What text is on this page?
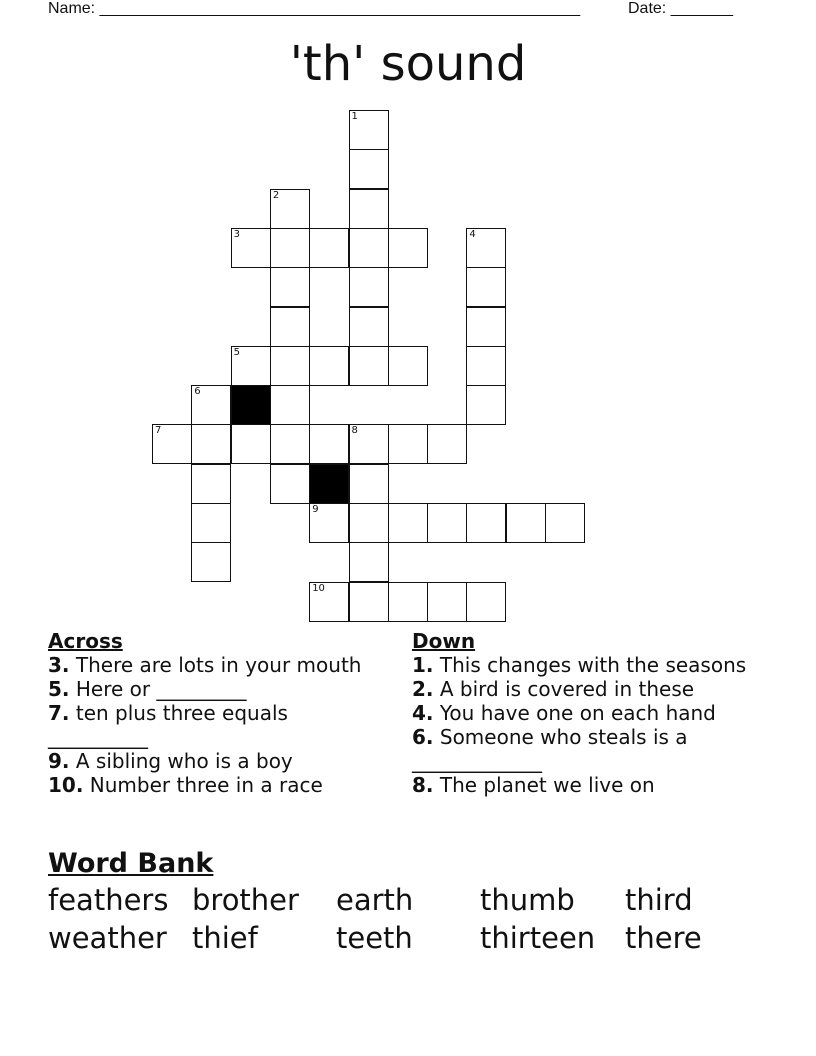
Name: ______________________________________________________	Date: _______
'th' sound
1
2
3	4
5
6
7	8
9
10

Across

3. There are lots in your mouth

5. Here or _________

7. ten plus three equals __________

9. A sibling who is a boy

10. Number three in a race

Down

1. This changes with the seasons

2. A bird is covered in these

4. You have one on each hand

6. Someone who steals is a _____________

8. The planet we live on

Word Bank

feathers brother earth thumb third
weather thief	teeth thirteen there
